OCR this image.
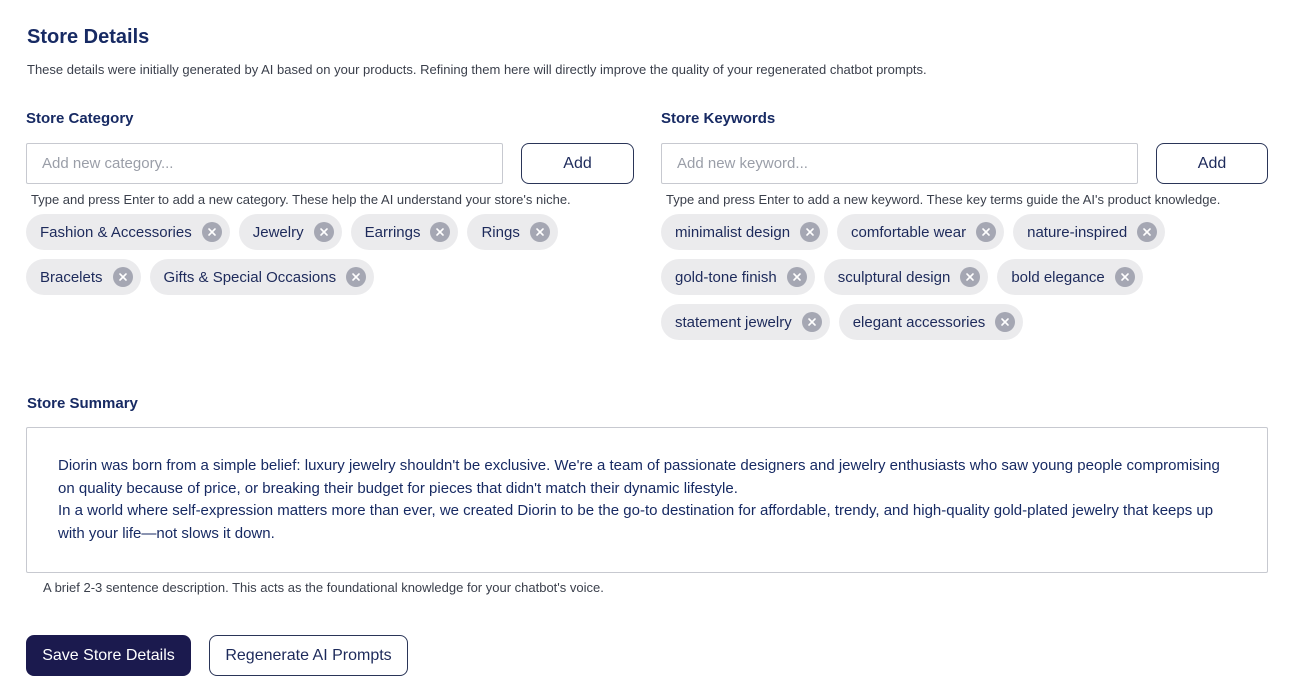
Store Details
These details were initially generated by AI based on your products. Refining them here will directly improve the quality of your regenerated chatbot prompts.
Store Category
Add new category...
Add
Type and press Enter to add a new category. These help the AI understand your store's niche.
Fashion & Accessories	Jewelry	Earrings	Rings
Bracelets	Gifts & Special Occasions
Store Keywords
Add new keyword...
Add
Type and press Enter to add a new keyword. These key terms guide the AI's product knowledge.
minimalist design	comfortable wear	nature-inspired
gold-tone finish	sculptural design	bold elegance
statement jewelry	elegant accessories
Store Summary

Diorin was born from a simple belief: luxury jewelry shouldn't be exclusive. We're a team of passionate designers and jewelry enthusiasts who saw young people compromising on quality because of price, or breaking their budget for pieces that didn't match their dynamic lifestyle.

In a world where self-expression matters more than ever, we created Diorin to be the go-to destination for affordable, trendy, and high-quality gold-plated jewelry that keeps up with your life—not slows it down.

A brief 2-3 sentence description. This acts as the foundational knowledge for your chatbot's voice.
Save Store Details	Regenerate AI Prompts
